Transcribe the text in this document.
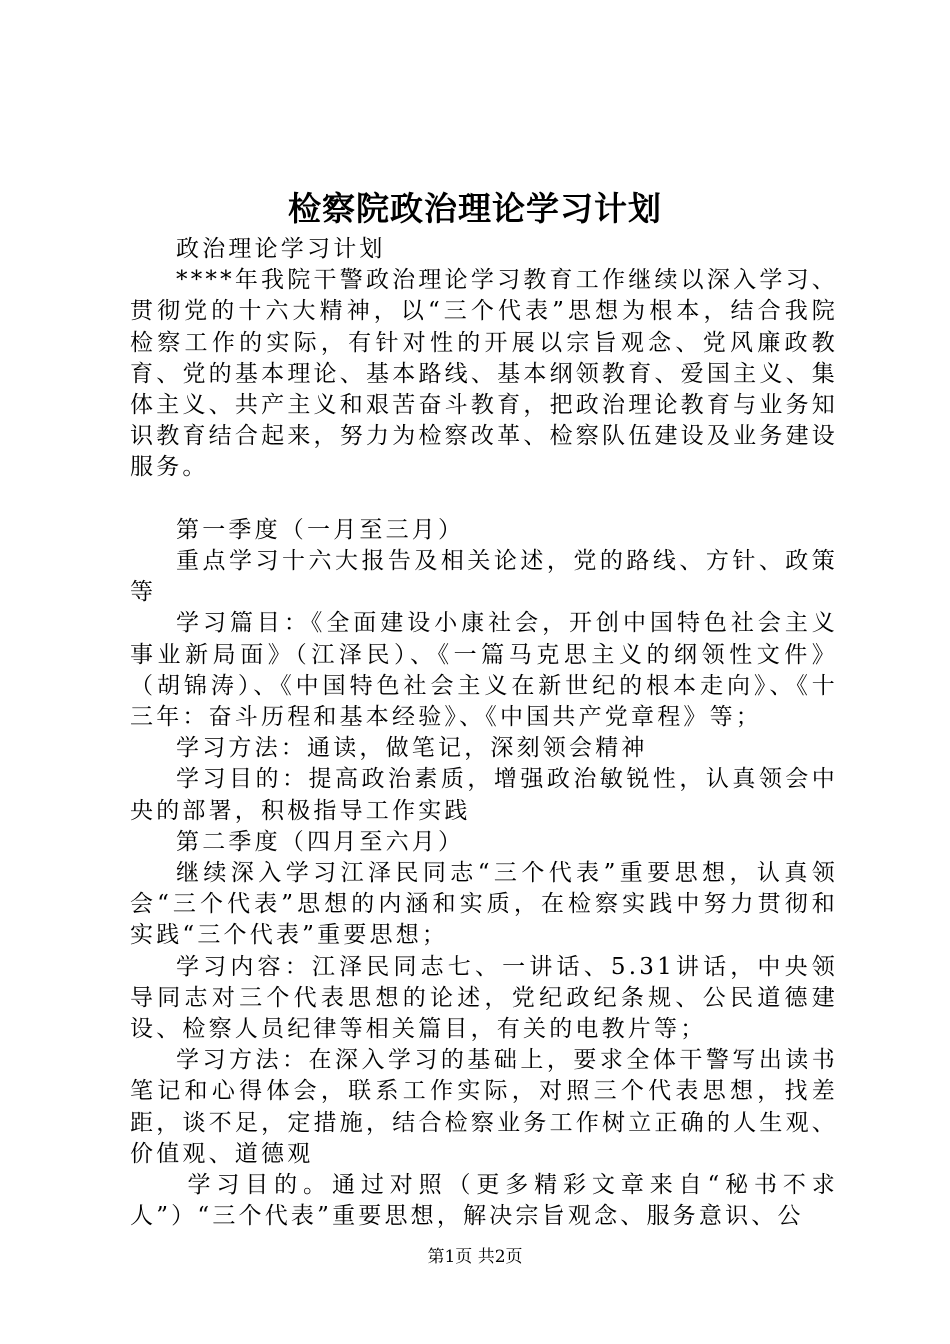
检察院政治理论学习计划

政治理论学习计划

****年我院干警政治理论学习教育工作继续以深入学习、贯彻党的十六大精神，以“三个代表”思想为根本，结合我院检察工作的实际，有针对性的开展以宗旨观念、党风廉政教育、党的基本理论、基本路线、基本纲领教育、爱国主义、集体主义、共产主义和艰苦奋斗教育，把政治理论教育与业务知识教育结合起来，努力为检察改革、检察队伍建设及业务建设服务。

第一季度（一月至三月）

重点学习十六大报告及相关论述，党的路线、方针、政策等

学习篇目：《全面建设小康社会，开创中国特色社会主义事业新局面》（江泽民）、《一篇马克思主义的纲领性文件》（胡锦涛）、《中国特色社会主义在新世纪的根本走向》、《十三年：奋斗历程和基本经验》、《中国共产党章程》等；

学习方法：通读，做笔记，深刻领会精神

学习目的：提高政治素质，增强政治敏锐性，认真领会中央的部署，积极指导工作实践

第二季度（四月至六月）

继续深入学习江泽民同志“三个代表”重要思想，认真领会“三个代表”思想的内涵和实质，在检察实践中努力贯彻和实践“三个代表”重要思想；

学习内容：江泽民同志七、一讲话、5.31讲话，中央领导同志对三个代表思想的论述，党纪政纪条规、公民道德建设、检察人员纪律等相关篇目，有关的电教片等；

学习方法：在深入学习的基础上，要求全体干警写出读书笔记和心得体会，联系工作实际，对照三个代表思想，找差距，谈不足，定措施，结合检察业务工作树立正确的人生观、价值观、道德观

学习目的。通过对照（更多精彩文章来自“秘书不求人”）“三个代表”重要思想，解决宗旨观念、服务意识、公

第1页 共2页
